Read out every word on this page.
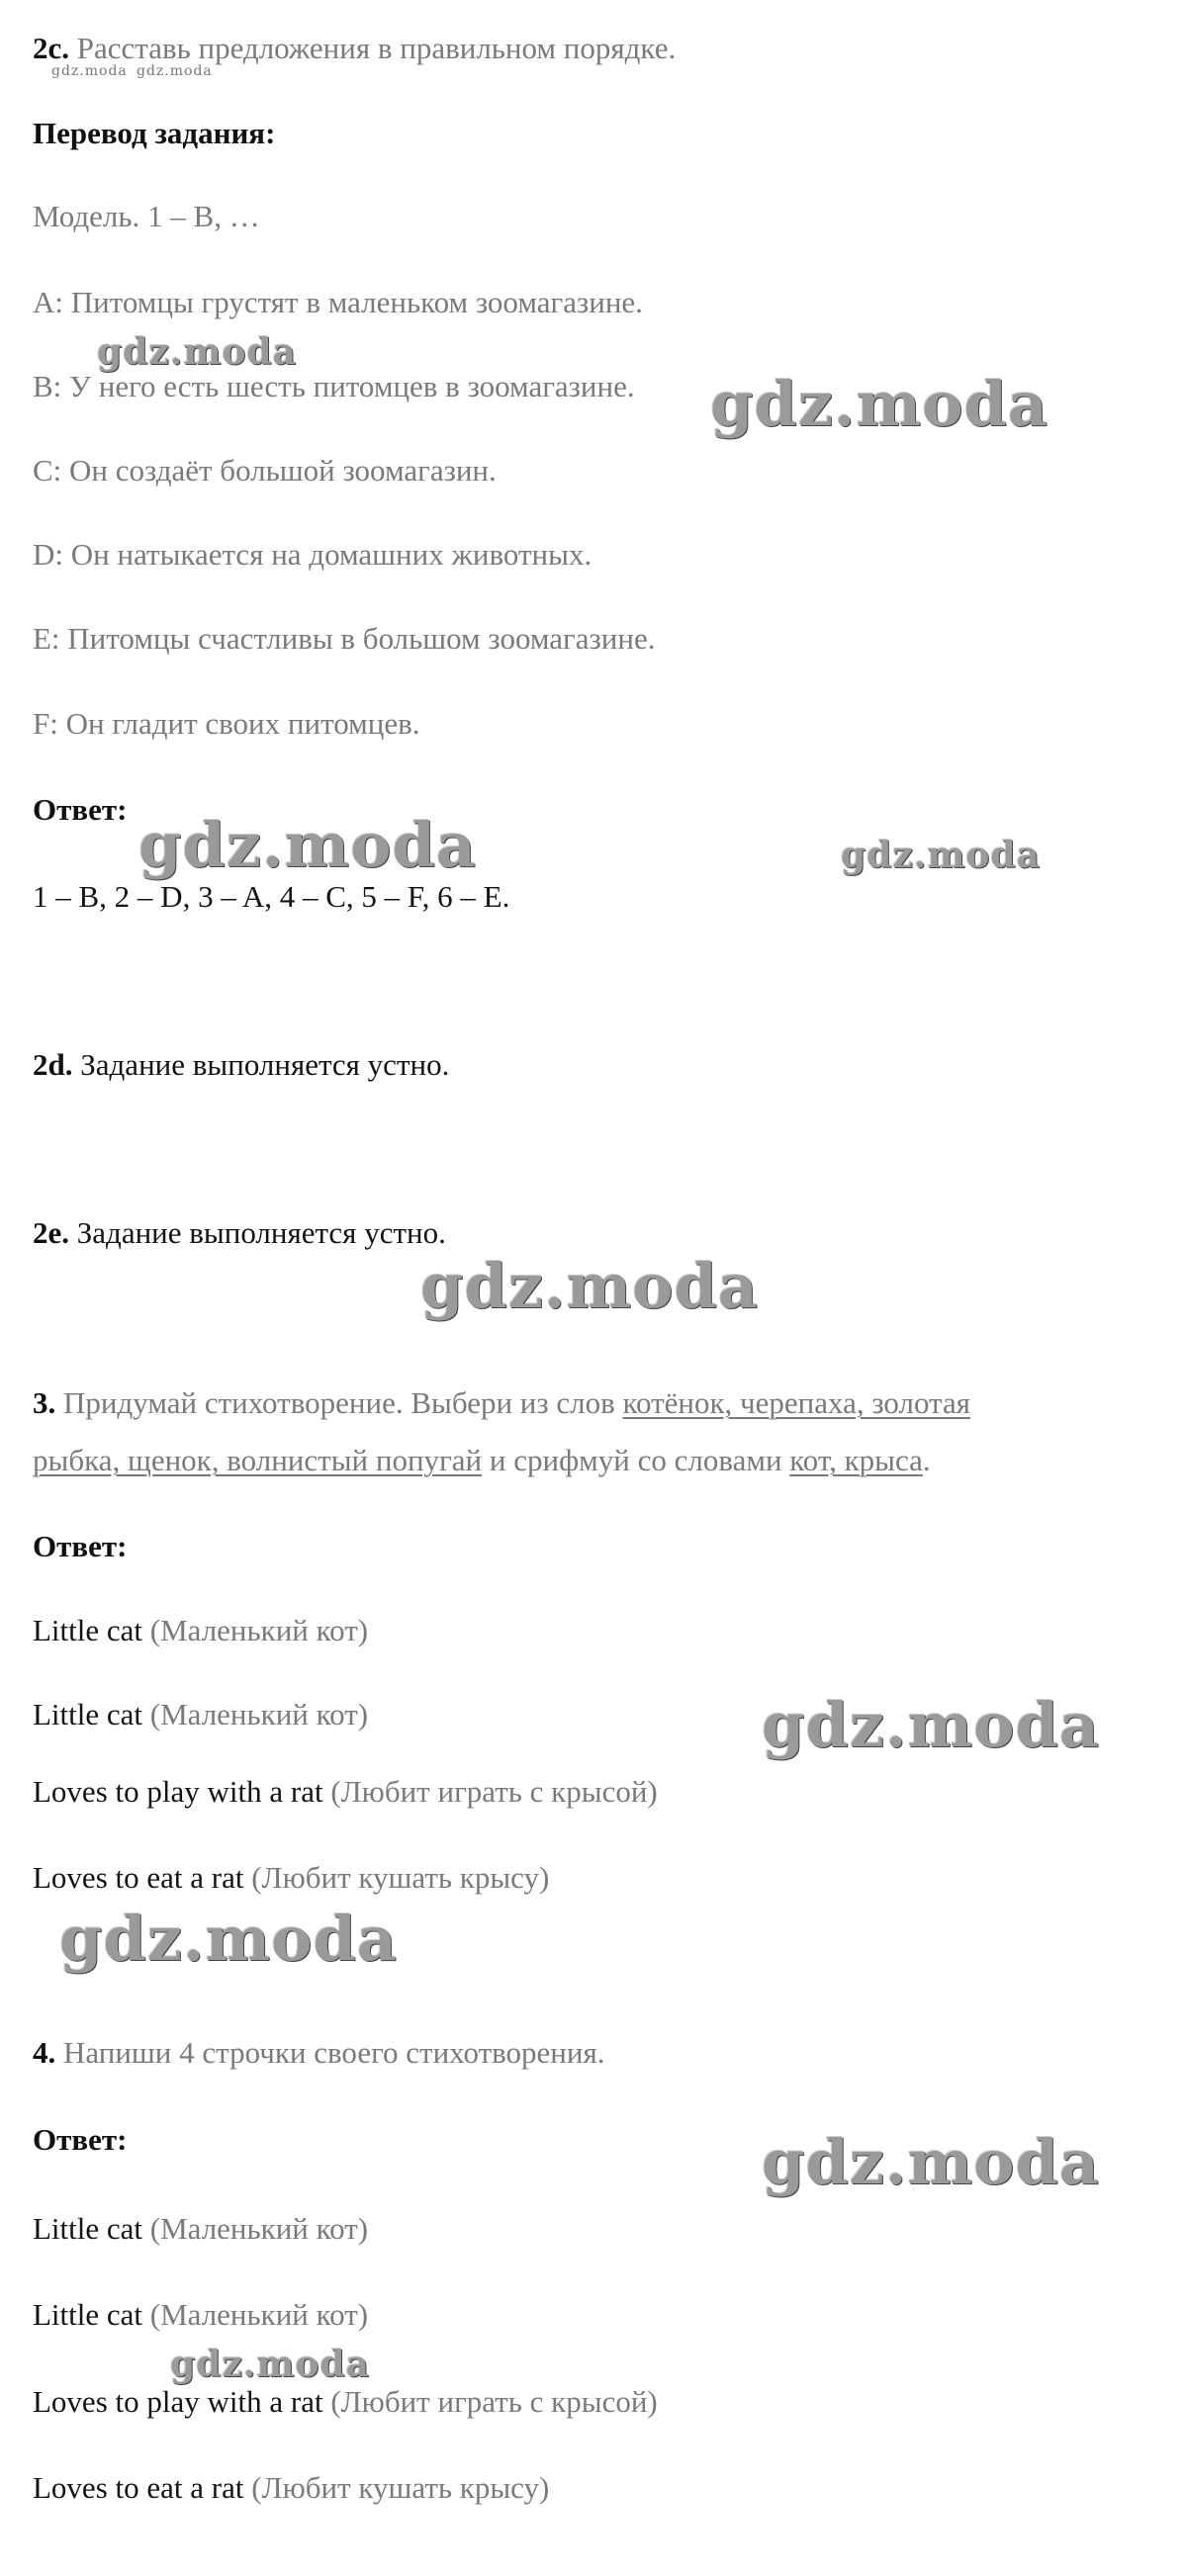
2c. Расставь предложения в правильном порядке.
Перевод задания:
Модель. 1 – B, …
A: Питомцы грустят в маленьком зоомагазине.
B: У него есть шесть питомцев в зоомагазине.
C: Он создаёт большой зоомагазин.
D: Он натыкается на домашних животных.
E: Питомцы счастливы в большом зоомагазине.
F: Он гладит своих питомцев.
Ответ:
1 – B, 2 – D, 3 – A, 4 – C, 5 – F, 6 – E.
2d. Задание выполняется устно.
2e. Задание выполняется устно.
3. Придумай стихотворение. Выбери из слов котёнок, черепаха, золотая
рыбка, щенок, волнистый попугай и срифмуй со словами кот, крыса.
Ответ:
Little cat (Маленький кот)
Little cat (Маленький кот)
Loves to play with a rat (Любит играть с крысой)
Loves to eat a rat (Любит кушать крысу)
4. Напиши 4 строчки своего стихотворения.
Ответ:
Little cat (Маленький кот)
Little cat (Маленький кот)
Loves to play with a rat (Любит играть с крысой)
Loves to eat a rat (Любит кушать крысу)
gdz.moda gdz.moda
gdz.moda
gdz.moda
gdz.moda	gdz.moda
gdz.moda
gdz.moda
gdz.moda
gdz.moda
gdz.moda
